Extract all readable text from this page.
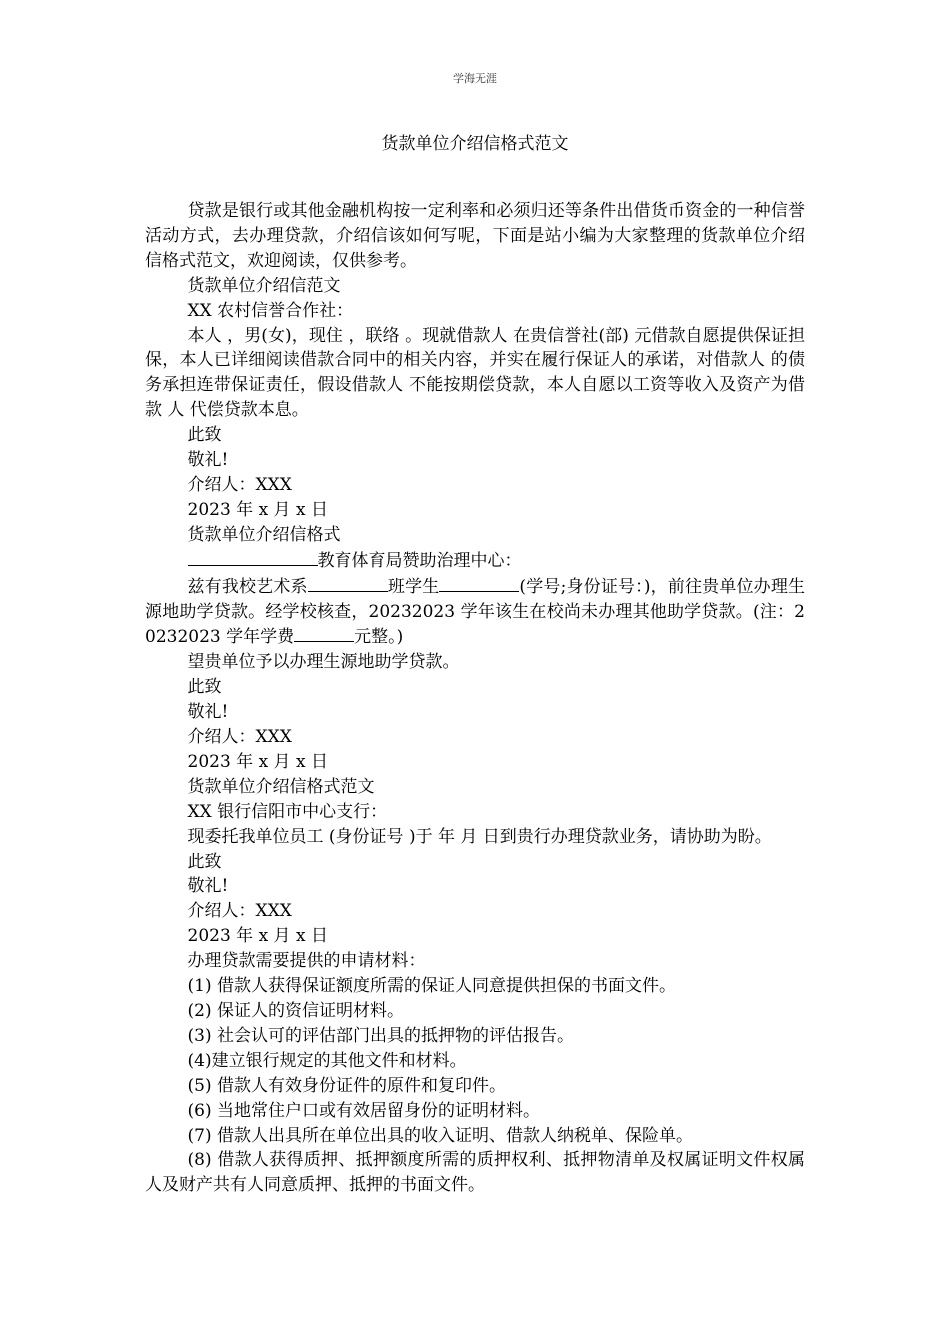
学海无涯
货款单位介绍信格式范文

贷款是银行或其他金融机构按一定利率和必须归还等条件出借货币资金的一种信誉活动方式，去办理贷款，介绍信该如何写呢，下面是站小编为大家整理的货款单位介绍信格式范文，欢迎阅读，仅供参考。

货款单位介绍信范文

XX 农村信誉合作社：

本人 ，男(女)，现住 ，联络 。现就借款人 在贵信誉社(部) 元借款自愿提供保证担保，本人已详细阅读借款合同中的相关内容，并实在履行保证人的承诺，对借款人 的债务承担连带保证责任，假设借款人 不能按期偿贷款，本人自愿以工资等收入及资产为借款 人 代偿贷款本息。

此致

敬礼!

介绍人：XXX

2023 年 x 月 x 日

货款单位介绍信格式

教育体育局赞助治理中心：

兹有我校艺术系	班学生	(学号;身份证号：)，前往贵单位办理生源地助学贷款。经学校核查，20232023 学年该生在校尚未办理其他助学贷款。(注：20232023 学年学费	元整。)

望贵单位予以办理生源地助学贷款。

此致

敬礼!

介绍人：XXX

2023 年 x 月 x 日

货款单位介绍信格式范文

XX 银行信阳市中心支行：

现委托我单位员工 (身份证号 )于 年 月 日到贵行办理贷款业务，请协助为盼。

此致

敬礼!

介绍人：XXX

2023 年 x 月 x 日

办理贷款需要提供的申请材料：

(1) 借款人获得保证额度所需的保证人同意提供担保的书面文件。

(2) 保证人的资信证明材料。

(3) 社会认可的评估部门出具的抵押物的评估报告。

(4)建立银行规定的其他文件和材料。

(5) 借款人有效身份证件的原件和复印件。

(6) 当地常住户口或有效居留身份的证明材料。

(7) 借款人出具所在单位出具的收入证明、借款人纳税单、保险单。

(8) 借款人获得质押、抵押额度所需的质押权利、抵押物清单及权属证明文件权属人及财产共有人同意质押、抵押的书面文件。
